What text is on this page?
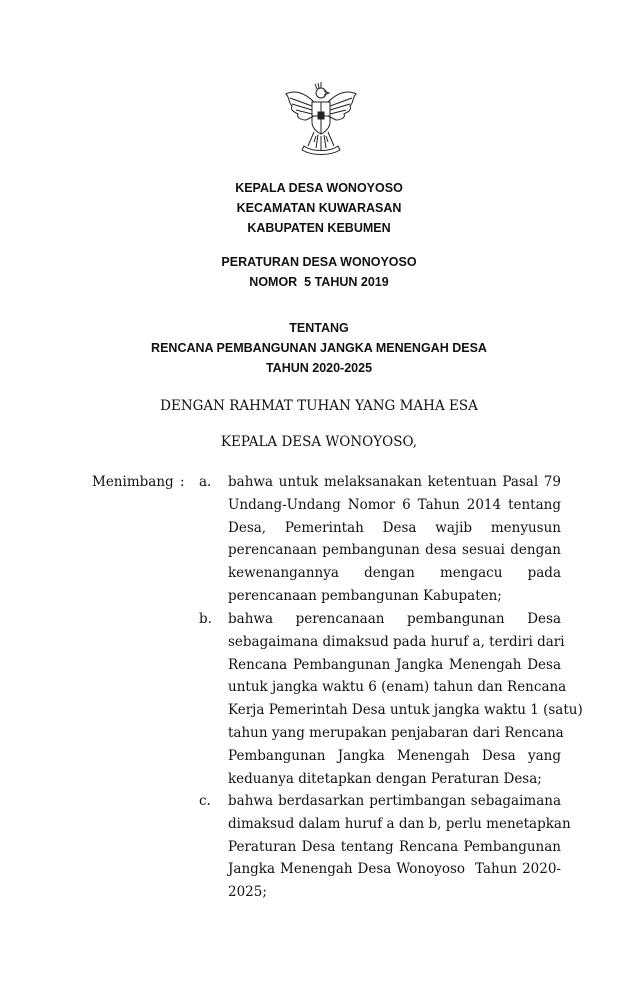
KEPALA DESA WONOYOSO
KECAMATAN KUWARASAN
KABUPATEN KEBUMEN
PERATURAN DESA WONOYOSO
NOMOR  5 TAHUN 2019
TENTANG
RENCANA PEMBANGUNAN JANGKA MENENGAH DESA
TAHUN 2020-2025
DENGAN RAHMAT TUHAN YANG MAHA ESA
KEPALA DESA WONOYOSO,
Menimbang : a. bahwa untuk melaksanakan ketentuan Pasal 79
Undang-Undang Nomor 6 Tahun 2014 tentang
Desa, Pemerintah Desa wajib menyusun
perencanaan pembangunan desa sesuai dengan
kewenangannya dengan mengacu pada
perencanaan pembangunan Kabupaten;
b. bahwa perencanaan pembangunan Desa
sebagaimana dimaksud pada huruf a, terdiri dari
Rencana Pembangunan Jangka Menengah Desa
untuk jangka waktu 6 (enam) tahun dan Rencana
Kerja Pemerintah Desa untuk jangka waktu 1 (satu)
tahun yang merupakan penjabaran dari Rencana
Pembangunan Jangka Menengah Desa yang
keduanya ditetapkan dengan Peraturan Desa;
c. bahwa berdasarkan pertimbangan sebagaimana
dimaksud dalam huruf a dan b, perlu menetapkan
Peraturan Desa tentang Rencana Pembangunan
Jangka Menengah Desa Wonoyoso  Tahun 2020-
2025;
